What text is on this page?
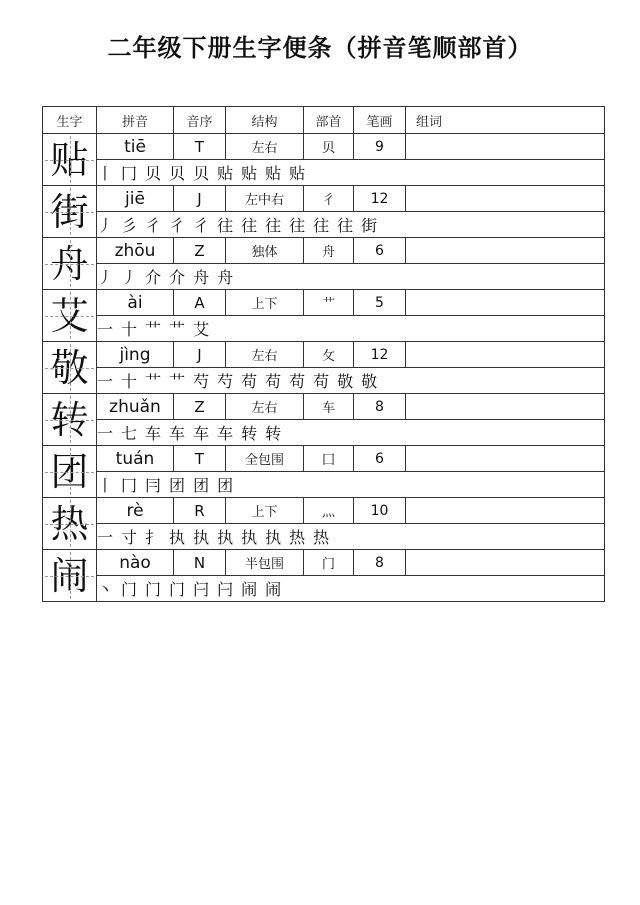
二年级下册生字便条（拼音笔顺部首）
生字	拼音	音序	结构	部首	笔画	组词

贴	tiē	T	左右	贝	9	
	丨 冂 贝 贝 贝 贴 贴 贴 贴					

街	jiē	J	左中右	彳	12	
	丿 彡 彳 彳 彳 往 往 往 往 往 往 街					

舟	zhōu	Z	独体	舟	6	
	丿 丿 介 介 舟 舟					

艾	ài	A	上下	艹	5	
	一 十 艹 艹 艾					

敬	jìng	J	左右	攵	12	
	一 十 艹 艹 芍 芍 苟 苟 苟 苟 敬 敬					

转	zhuǎn	Z	左右	车	8	
	一 七 车 车 车 车 转 转					

团	tuán	T	全包围	囗	6	
	丨 冂 冃 团 团 团					

热	rè	R	上下	灬	10	
	一 寸 扌 执 执 执 执 执 热 热					

闹	nào	N	半包围	门	8	
	丶 门 门 门 闩 闩 闹 闹					
